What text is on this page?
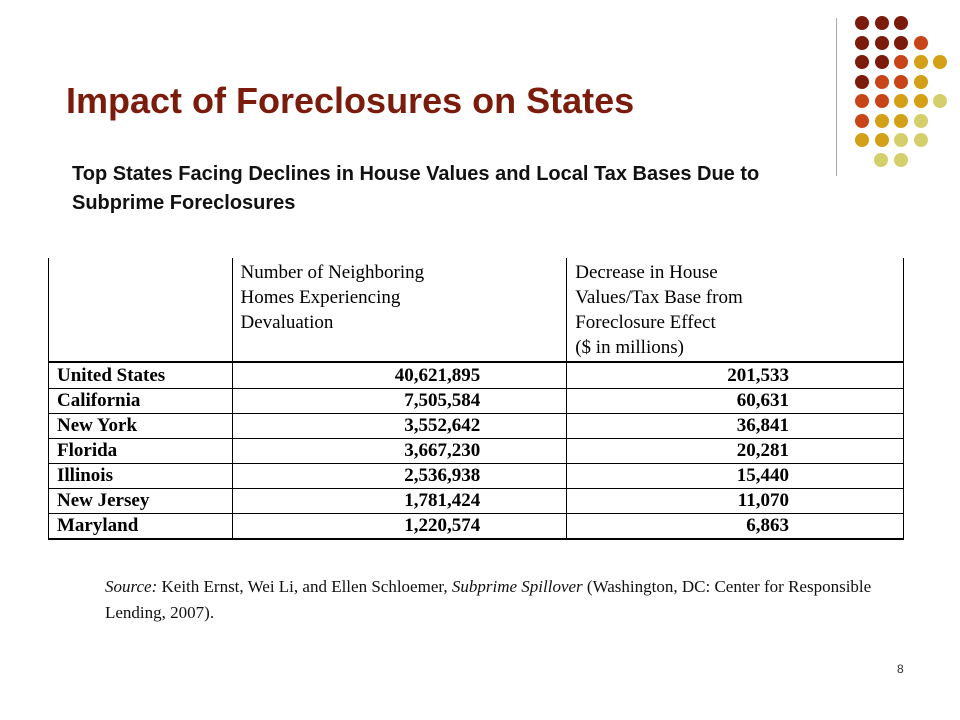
Impact of Foreclosures on States

Top States Facing Declines in House Values and Local Tax Bases Due to Subprime Foreclosures

	Number of Neighboring
Homes Experiencing
Devaluation	Decrease in House
Values/Tax Base from
Foreclosure Effect
($ in millions)

United States	40,621,895	201,533
California	7,505,584	60,631
New York	3,552,642	36,841
Florida	3,667,230	20,281
Illinois	2,536,938	15,440
New Jersey	1,781,424	11,070
Maryland	1,220,574	6,863

Source: Keith Ernst, Wei Li, and Ellen Schloemer, Subprime Spillover (Washington, DC: Center for Responsible Lending, 2007).

8
